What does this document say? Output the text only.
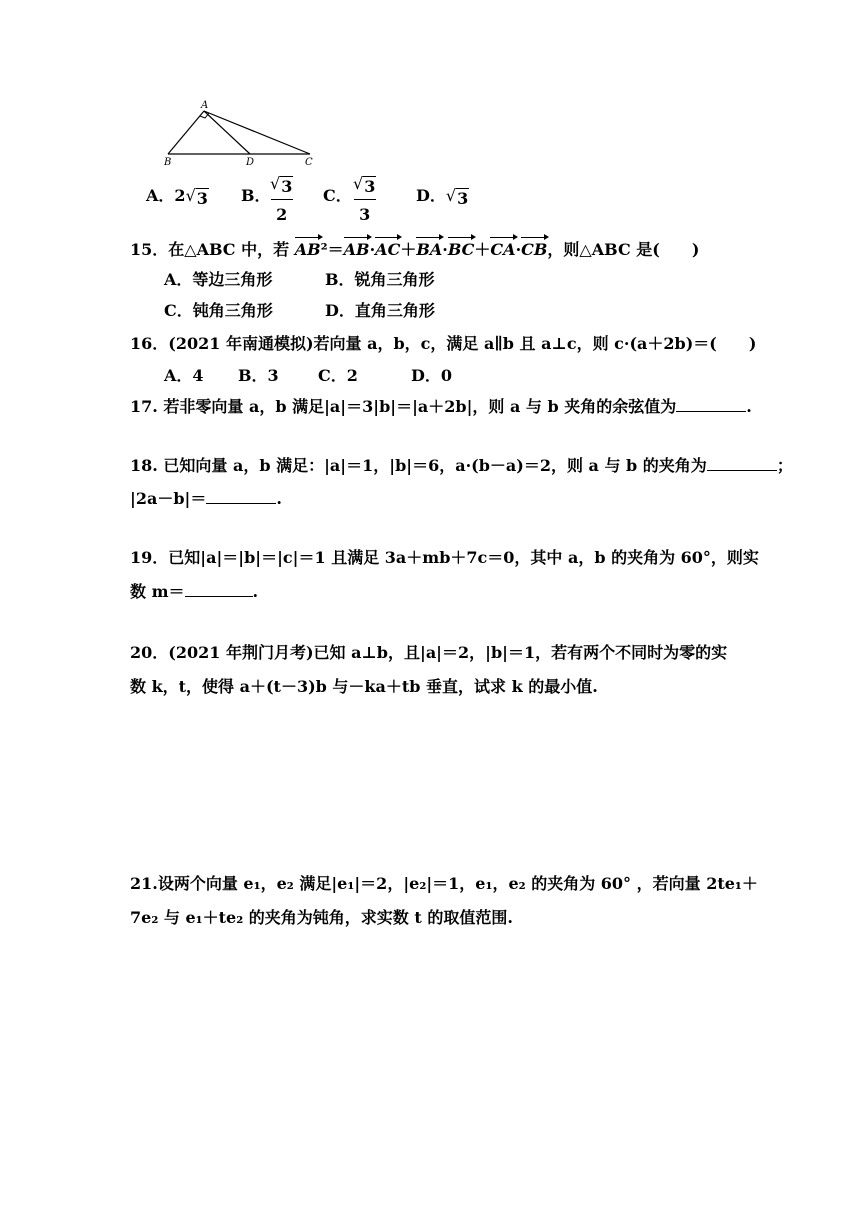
A
B	D	C
A．2 √ 3 B．
$\frac{√ 3}{2}$ C． $\frac{√ 3}{3}$ D． √ 3
15．在△ABC 中，若 AB²＝AB·AC＋BA·BC＋CA·CB，则△ABC 是(　　)
A．等边三角形	B．锐角三角形
C．钝角三角形	D．直角三角形
16．(2021 年南通模拟)若向量 a，b，c，满足 a∥b 且 a⊥c，则 c·(a＋2b)＝(　　)
A．4 B．3 C．2	D．0
17. 若非零向量 a，b 满足|a|＝3|b|＝|a＋2b|，则 a 与 b 夹角的余弦值为	.
18. 已知向量 a，b 满足：|a|＝1，|b|＝6，a·(b－a)＝2，则 a 与 b 的夹角为	；
|2a－b|＝	.
19．已知|a|＝|b|＝|c|＝1 且满足 3a＋mb＋7c＝0，其中 a，b 的夹角为 60°，则实
数 m＝	.
20．(2021 年荆门月考)已知 a⊥b，且|a|＝2，|b|＝1，若有两个不同时为零的实
数 k，t，使得 a＋(t－3)b 与－ka＋tb 垂直，试求 k 的最小值.
21.设两个向量 e₁，e₂ 满足|e₁|＝2，|e₂|＝1，e₁，e₂ 的夹角为 60° ，若向量 2te₁＋
7e₂ 与 e₁＋te₂ 的夹角为钝角，求实数 t 的取值范围.
